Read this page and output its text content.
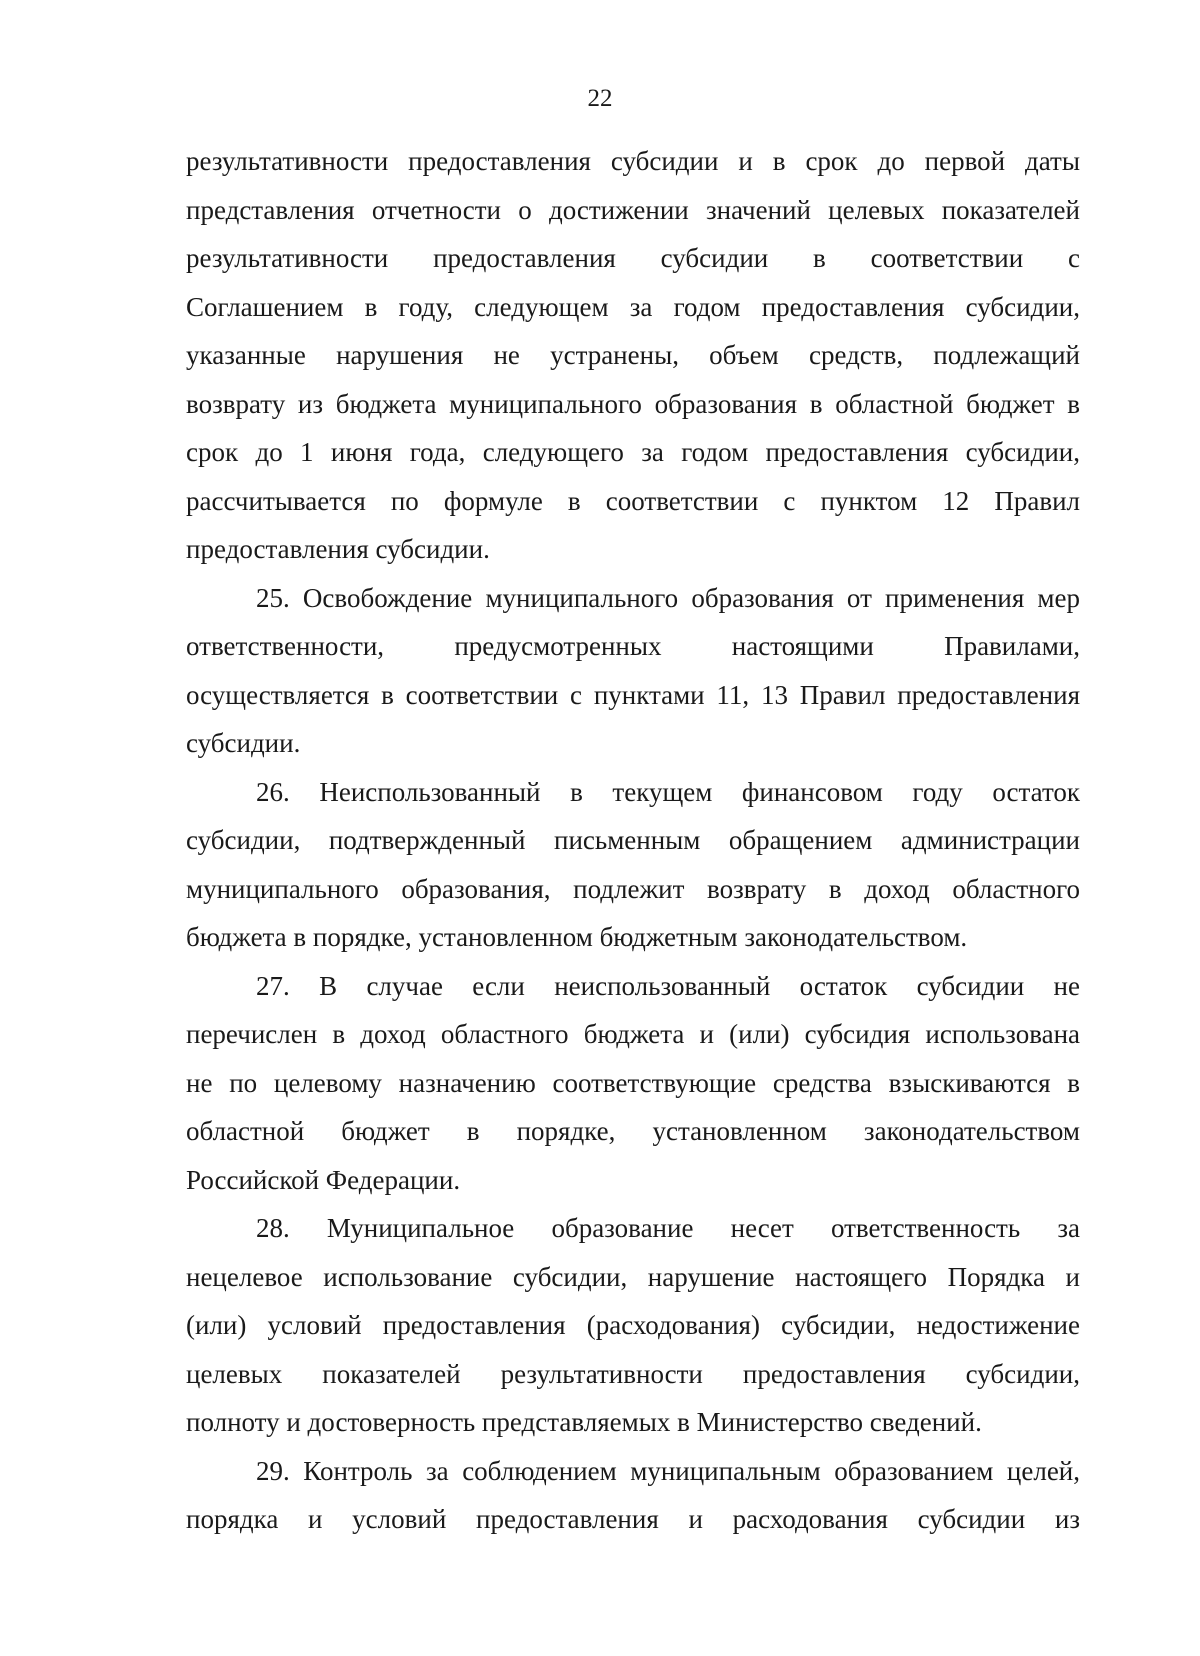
22
результативности предоставления субсидии и в срок до первой даты
представления отчетности о достижении значений целевых показателей
результативности предоставления субсидии в соответствии с
Соглашением в году, следующем за годом предоставления субсидии,
указанные нарушения не устранены, объем средств, подлежащий
возврату из бюджета муниципального образования в областной бюджет в
срок до 1 июня года, следующего за годом предоставления субсидии,
рассчитывается по формуле в соответствии с пунктом 12 Правил
предоставления субсидии.
25. Освобождение муниципального образования от применения мер
ответственности, предусмотренных настоящими Правилами,
осуществляется в соответствии с пунктами 11, 13 Правил предоставления
субсидии.
26. Неиспользованный в текущем финансовом году остаток
субсидии, подтвержденный письменным обращением администрации
муниципального образования, подлежит возврату в доход областного
бюджета в порядке, установленном бюджетным законодательством.
27. В случае если неиспользованный остаток субсидии не
перечислен в доход областного бюджета и (или) субсидия использована
не по целевому назначению соответствующие средства взыскиваются в
областной бюджет в порядке, установленном законодательством
Российской Федерации.
28. Муниципальное образование несет ответственность за
нецелевое использование субсидии, нарушение настоящего Порядка и
(или) условий предоставления (расходования) субсидии, недостижение
целевых показателей результативности предоставления субсидии,
полноту и достоверность представляемых в Министерство сведений.
29. Контроль за соблюдением муниципальным образованием целей,
порядка и условий предоставления и расходования субсидии из
